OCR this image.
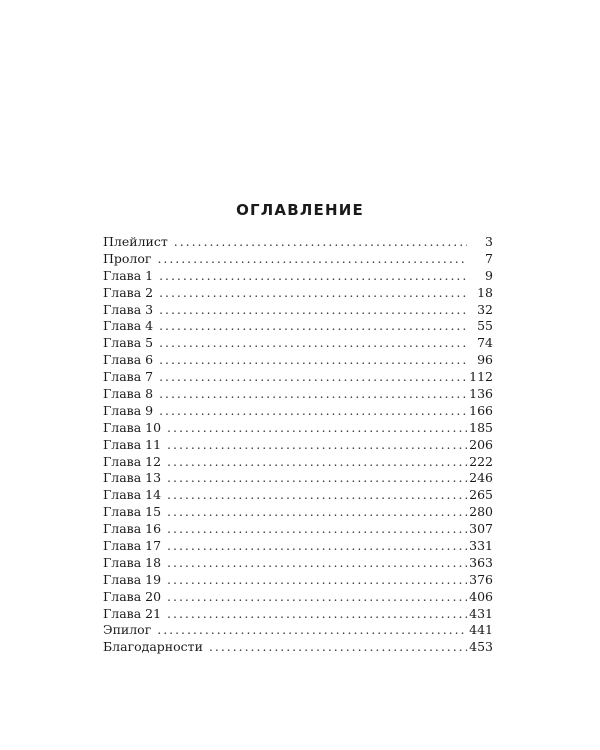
ОГЛАВЛЕНИЕ
Плейлист . . .	3
Пролог . . .	7
Глава 1 . . .	9
Глава 2 . . .	18
Глава 3 . . .	32
Глава 4 . . .	55
Глава 5 . . .	74
Глава 6 . . .	96
Глава 7 . . .	112
Глава 8 . . .	136
Глава 9 . . .	166
Глава 10 . . .	185
Глава 11 . . .	206
Глава 12 . . .	222
Глава 13 . . .	246
Глава 14 . . .	265
Глава 15 . . .	280
Глава 16 . . .	307
Глава 17 . . .	331
Глава 18 . . .	363
Глава 19 . . .	376
Глава 20 . . .	406
Глава 21 . . .	431
Эпилог . . .	441
Благодарности . . .	453
